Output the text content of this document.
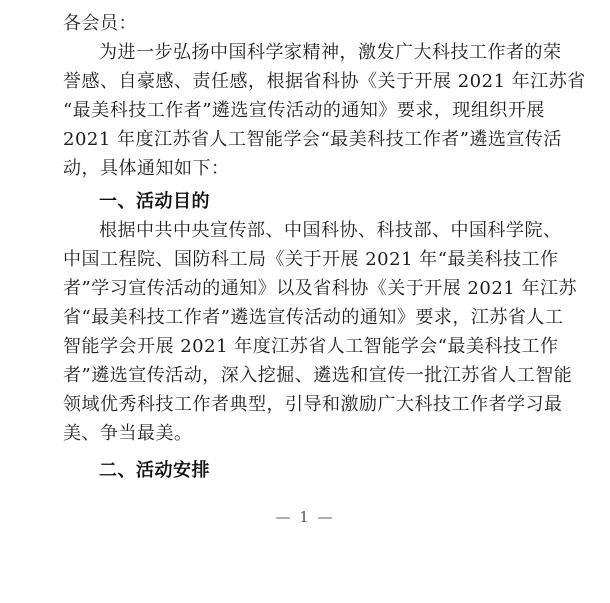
各会员：
为进一步弘扬中国科学家精神，激发广大科技工作者的荣
誉感、自豪感、责任感，根据省科协《关于开展 2021 年江苏省
“最美科技工作者”遴选宣传活动的通知》要求，现组织开展
2021 年度江苏省人工智能学会“最美科技工作者”遴选宣传活
动，具体通知如下：
一、活动目的
根据中共中央宣传部、中国科协、科技部、中国科学院、
中国工程院、国防科工局《关于开展 2021 年“最美科技工作
者”学习宣传活动的通知》以及省科协《关于开展 2021 年江苏
省“最美科技工作者”遴选宣传活动的通知》要求，江苏省人工
智能学会开展 2021 年度江苏省人工智能学会“最美科技工作
者”遴选宣传活动，深入挖掘、遴选和宣传一批江苏省人工智能
领域优秀科技工作者典型，引导和激励广大科技工作者学习最
美、争当最美。
二、活动安排
— 1 —
